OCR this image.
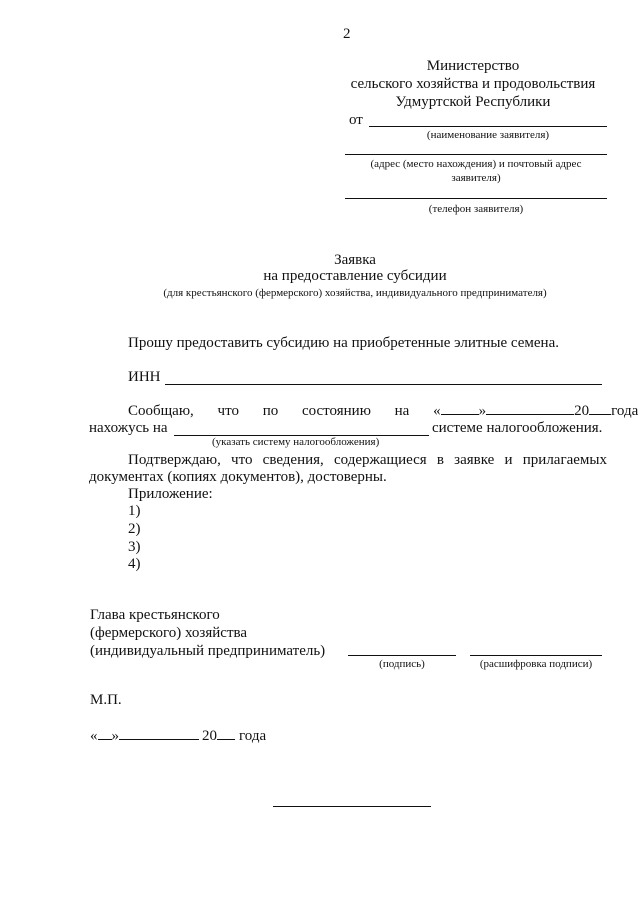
2
Министерство
сельского хозяйства и продовольствия
Удмуртской Республики
от
(наименование заявителя)
(адрес (место нахождения) и почтовый адрес
заявителя)
(телефон заявителя)
Заявка
на предоставление субсидии
(для крестьянского (фермерского) хозяйства, индивидуального предпринимателя)
Прошу предоставить субсидию на приобретенные элитные семена.
ИНН
Сообщаю, что по состоянию на «	»	20 года
нахожусь на	системе налогообложения.
(указать систему налогообложения)
Подтверждаю, что сведения, содержащиеся в заявке и прилагаемых
документах (копиях документов), достоверны.
Приложение:
1)
2)
3)
4)
Глава крестьянского
(фермерского) хозяйства
(индивидуальный предприниматель)
(подпись)	(расшифровка подписи)
М.П.
« »	20 года
